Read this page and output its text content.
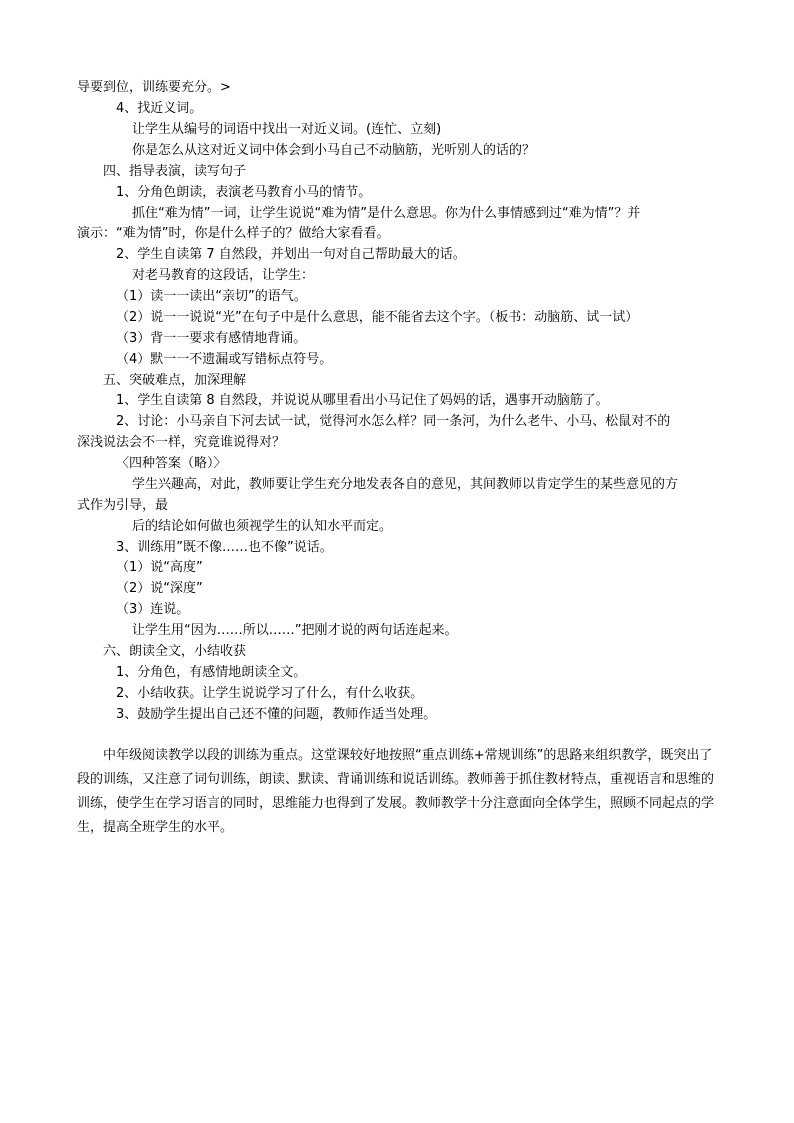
导要到位，训练要充分。>
4、找近义词。
让学生从编号的词语中找出一对近义词。(连忙、立刻)
你是怎么从这对近义词中体会到小马自己不动脑筋，光听别人的话的？
四、指导表演，读写句子
1、分角色朗读，表演老马教育小马的情节。
抓住“难为情”一词，让学生说说“难为情”是什么意思。你为什么事情感到过“难为情”？并
演示：“难为情”时，你是什么样子的？做给大家看看。
2、学生自读第 7 自然段，并划出一句对自己帮助最大的话。
对老马教育的这段话，让学生：
（1）读一一读出“亲切”的语气。
（2）说一一说说“光”在句子中是什么意思，能不能省去这个字。（板书：动脑筋、试一试）
（3）背一一要求有感情地背诵。
（4）默一一不遗漏或写错标点符号。
五、突破难点，加深理解
1、学生自读第 8 自然段，并说说从哪里看出小马记住了妈妈的话，遇事开动脑筋了。
2、讨论：小马亲自下河去试一试，觉得河水怎么样？同一条河，为什么老牛、小马、松鼠对不的
深浅说法会不一样，究竟谁说得对？
〈四种答案（略）〉
学生兴趣高，对此，教师要让学生充分地发表各自的意见，其间教师以肯定学生的某些意见的方
式作为引导，最
后的结论如何做也须视学生的认知水平而定。
3、训练用”既不像……也不像”说话。
（1）说“高度”
（2）说“深度”
（3）连说。
让学生用“因为……所以……”把刚才说的两句话连起来。
六、朗读全文，小结收获
1、分角色，有感情地朗读全文。
2、小结收获。让学生说说学习了什么，有什么收获。
3、鼓励学生提出自己还不懂的问题，教师作适当处理。
中年级阅读教学以段的训练为重点。这堂课较好地按照“重点训练+常规训练”的思路来组织教学，既突出了段的训练，又注意了词句训练，朗读、默读、背诵训练和说话训练。教师善于抓住教材特点，重视语言和思维的训练，使学生在学习语言的同时，思维能力也得到了发展。教师教学十分注意面向全体学生，照顾不同起点的学生，提高全班学生的水平。
